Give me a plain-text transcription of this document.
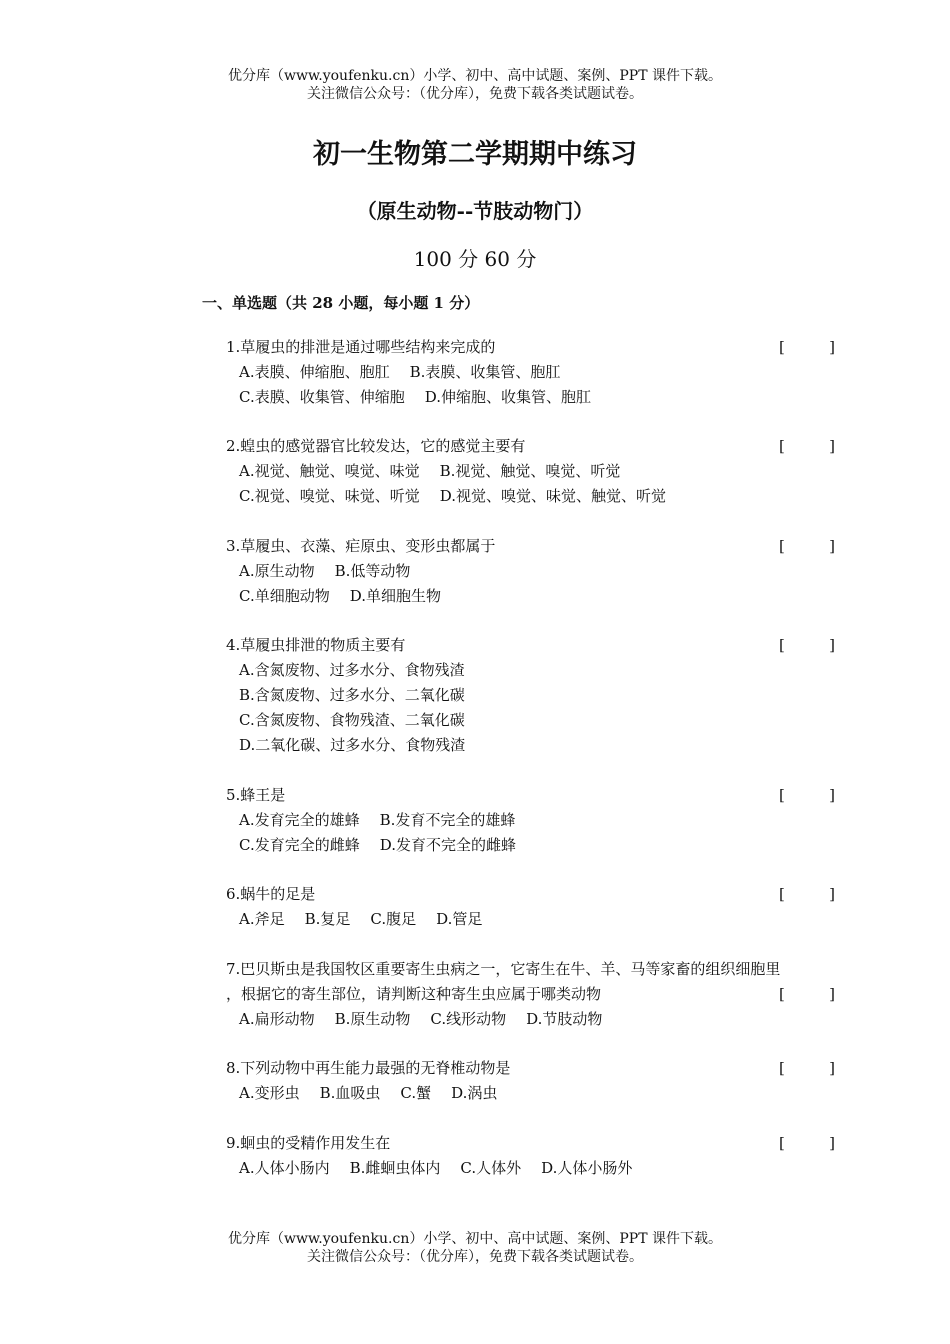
优分库（www.youfenku.cn）小学、初中、高中试题、案例、PPT 课件下载。
关注微信公众号：（优分库），免费下载各类试题试卷。
初一生物第二学期期中练习
（原生动物--节肢动物门）
100 分 60 分
一、单选题（共 28 小题，每小题 1 分）
1.草履虫的排泄是通过哪些结构来完成的	[	]
A.表膜、伸缩胞、胞肛 B.表膜、收集管、胞肛
C.表膜、收集管、伸缩胞 D.伸缩胞、收集管、胞肛
2.蝗虫的感觉器官比较发达，它的感觉主要有	[	]
A.视觉、触觉、嗅觉、味觉 B.视觉、触觉、嗅觉、听觉
C.视觉、嗅觉、味觉、听觉 D.视觉、嗅觉、味觉、触觉、听觉
3.草履虫、衣藻、疟原虫、变形虫都属于	[	]
A.原生动物 B.低等动物
C.单细胞动物 D.单细胞生物
4.草履虫排泄的物质主要有	[	]
A.含氮废物、过多水分、食物残渣
B.含氮废物、过多水分、二氧化碳
C.含氮废物、食物残渣、二氧化碳
D.二氧化碳、过多水分、食物残渣
5.蜂王是	[	]
A.发育完全的雄蜂 B.发育不完全的雄蜂
C.发育完全的雌蜂 D.发育不完全的雌蜂
6.蜗牛的足是	[	]
A.斧足 B.复足 C.腹足 D.管足
7.巴贝斯虫是我国牧区重要寄生虫病之一，它寄生在牛、羊、马等家畜的组织细胞里
，根据它的寄生部位，请判断这种寄生虫应属于哪类动物	[	]
A.扁形动物 B.原生动物 C.线形动物 D.节肢动物
8.下列动物中再生能力最强的无脊椎动物是	[	]
A.变形虫 B.血吸虫 C.蟹 D.涡虫
9.蛔虫的受精作用发生在	[	]
A.人体小肠内 B.雌蛔虫体内 C.人体外 D.人体小肠外
优分库（www.youfenku.cn）小学、初中、高中试题、案例、PPT 课件下载。
关注微信公众号：（优分库），免费下载各类试题试卷。
